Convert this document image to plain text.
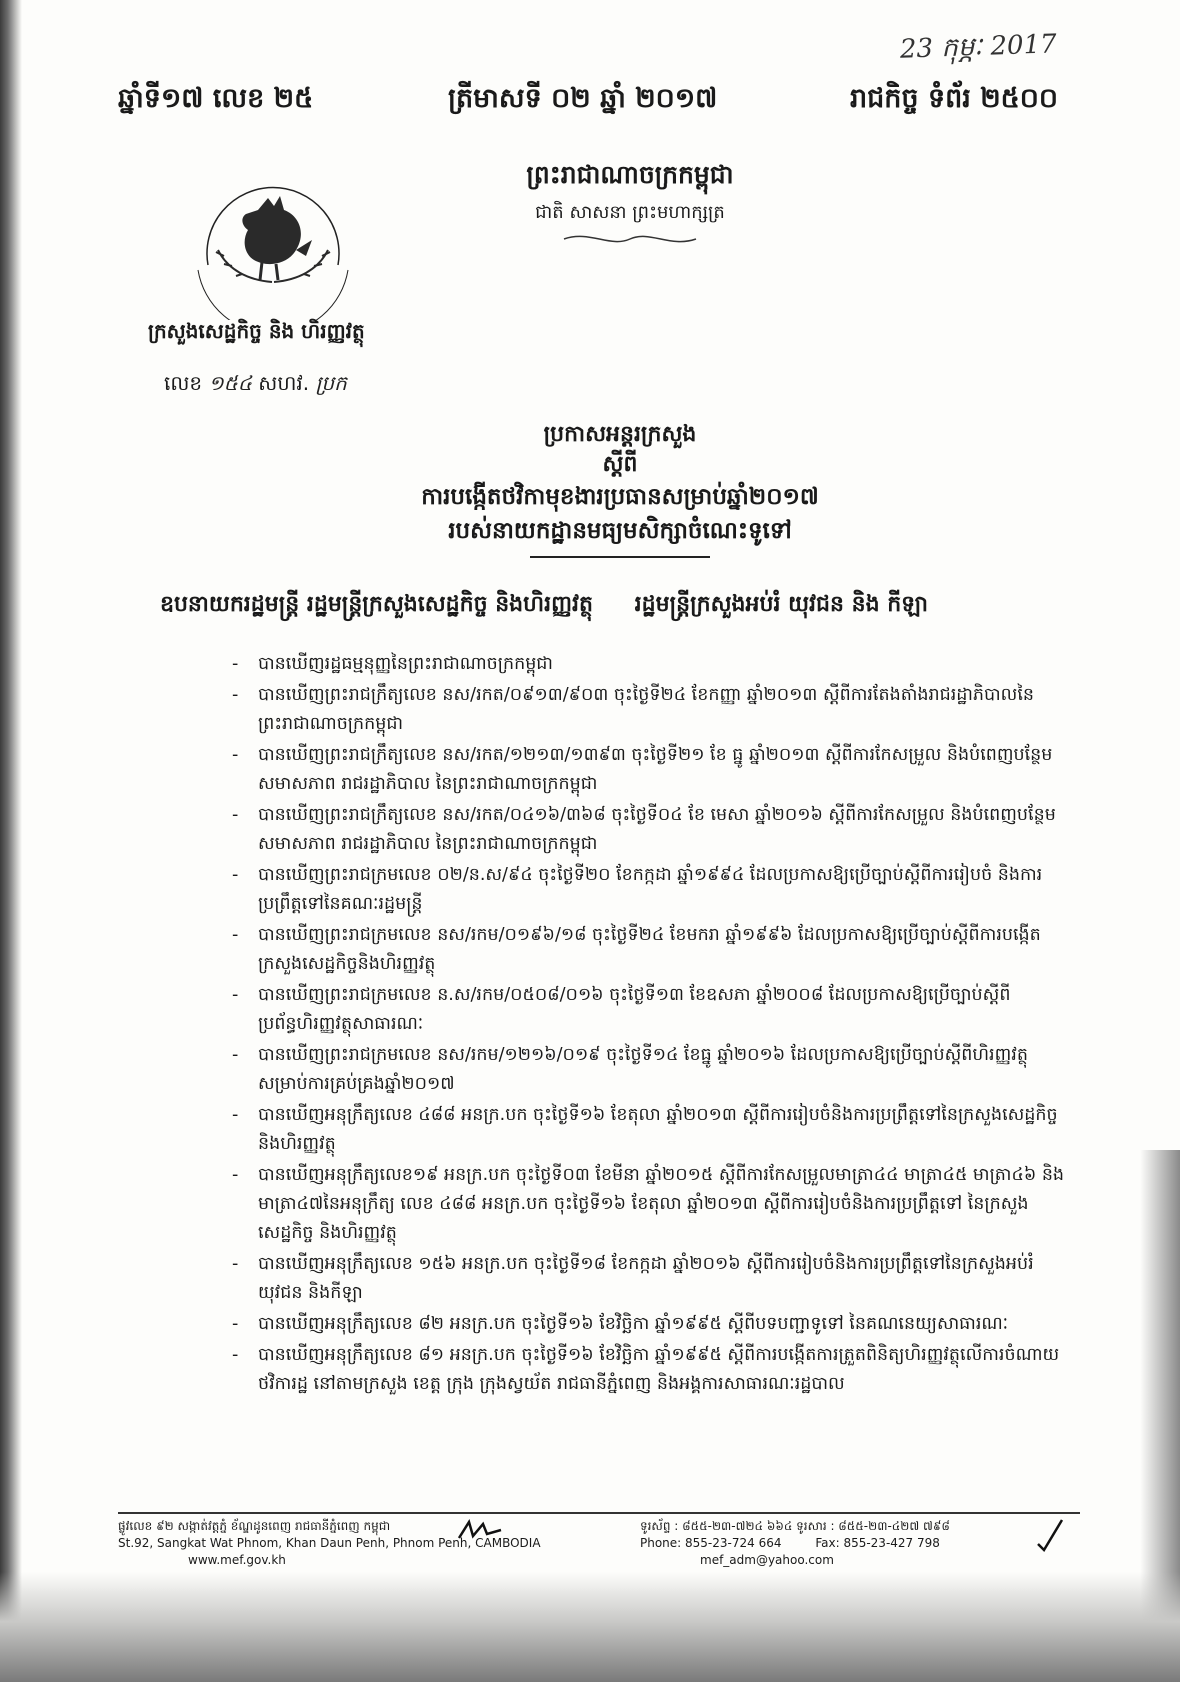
23 កុម្ភៈ 2017
ឆ្នាំទី១៧ លេខ ២៥	ត្រីមាសទី ០២ ឆ្នាំ ២០១៧	រាជកិច្ច ទំព័រ ២៥០០
ក្រសួងសេដ្ឋកិច្ច និង ហិរញ្ញវត្ថុ
លេខ ១៥៤ សហវ. ប្រក
ព្រះរាជាណាចក្រកម្ពុជា
ជាតិ សាសនា ព្រះមហាក្សត្រ
ប្រកាសអន្តរក្រសួង
ស្តីពី
ការបង្កើតថវិកាមុខងារប្រធានសម្រាប់ឆ្នាំ២០១៧
របស់នាយកដ្ឋានមធ្យមសិក្សាចំណេះទូទៅ
ឧបនាយករដ្ឋមន្ត្រី រដ្ឋមន្ត្រីក្រសួងសេដ្ឋកិច្ច និងហិរញ្ញវត្ថុ រដ្ឋមន្ត្រីក្រសួងអប់រំ យុវជន និង កីឡា
- បានឃើញរដ្ឋធម្មនុញ្ញនៃព្រះរាជាណាចក្រកម្ពុជា
- បានឃើញព្រះរាជក្រឹត្យលេខ នស/រកត/០៩១៣/៩០៣ ចុះថ្ងៃទី២៤ ខែកញ្ញា ឆ្នាំ២០១៣ ស្តីពីការតែងតាំងរាជរដ្ឋាភិបាលនៃព្រះរាជាណាចក្រកម្ពុជា
- បានឃើញព្រះរាជក្រឹត្យលេខ នស/រកត/១២១៣/១៣៩៣ ចុះថ្ងៃទី២១ ខែ ធ្នូ ឆ្នាំ២០១៣ ស្តីពីការកែសម្រួល និងបំពេញបន្ថែម សមាសភាព រាជរដ្ឋាភិបាល នៃព្រះរាជាណាចក្រកម្ពុជា
- បានឃើញព្រះរាជក្រឹត្យលេខ នស/រកត/០៤១៦/៣៦៨ ចុះថ្ងៃទី០៤ ខែ មេសា ឆ្នាំ២០១៦ ស្តីពីការកែសម្រួល និងបំពេញបន្ថែម សមាសភាព រាជរដ្ឋាភិបាល នៃព្រះរាជាណាចក្រកម្ពុជា
- បានឃើញព្រះរាជក្រមលេខ ០២/ន.ស/៩៤ ចុះថ្ងៃទី២០ ខែកក្កដា ឆ្នាំ១៩៩៤ ដែលប្រកាសឱ្យប្រើច្បាប់ស្តីពីការរៀបចំ និងការប្រព្រឹត្តទៅនៃគណៈរដ្ឋមន្ត្រី
- បានឃើញព្រះរាជក្រមលេខ នស/រកម/០១៩៦/១៨ ចុះថ្ងៃទី២៤ ខែមករា ឆ្នាំ១៩៩៦ ដែលប្រកាសឱ្យប្រើច្បាប់ស្តីពីការបង្កើតក្រសួងសេដ្ឋកិច្ចនិងហិរញ្ញវត្ថុ
- បានឃើញព្រះរាជក្រមលេខ ន.ស/រកម/០៥០៨/០១៦ ចុះថ្ងៃទី១៣ ខែឧសភា ឆ្នាំ២០០៨ ដែលប្រកាសឱ្យប្រើច្បាប់ស្តីពីប្រព័ន្ធហិរញ្ញវត្ថុសាធារណៈ
- បានឃើញព្រះរាជក្រមលេខ នស/រកម/១២១៦/០១៩ ចុះថ្ងៃទី១៤ ខែធ្នូ ឆ្នាំ២០១៦ ដែលប្រកាសឱ្យប្រើច្បាប់ស្តីពីហិរញ្ញវត្ថុសម្រាប់ការគ្រប់គ្រងឆ្នាំ២០១៧
- បានឃើញអនុក្រឹត្យលេខ ៤៨៨ អនក្រ.បក ចុះថ្ងៃទី១៦ ខែតុលា ឆ្នាំ២០១៣ ស្តីពីការរៀបចំនិងការប្រព្រឹត្តទៅនៃក្រសួងសេដ្ឋកិច្ចនិងហិរញ្ញវត្ថុ
- បានឃើញអនុក្រឹត្យលេខ១៩ អនក្រ.បក ចុះថ្ងៃទី០៣ ខែមីនា ឆ្នាំ២០១៥ ស្តីពីការកែសម្រួលមាត្រា៤៤ មាត្រា៤៥ មាត្រា៤៦ និងមាត្រា៤៧នៃអនុក្រឹត្យ លេខ ៤៨៨ អនក្រ.បក ចុះថ្ងៃទី១៦ ខែតុលា ឆ្នាំ២០១៣ ស្តីពីការរៀបចំនិងការប្រព្រឹត្តទៅ នៃក្រសួងសេដ្ឋកិច្ច និងហិរញ្ញវត្ថុ
- បានឃើញអនុក្រឹត្យលេខ ១៥៦ អនក្រ.បក ចុះថ្ងៃទី១៨ ខែកក្កដា ឆ្នាំ២០១៦ ស្តីពីការរៀបចំនិងការប្រព្រឹត្តទៅនៃក្រសួងអប់រំ យុវជន និងកីឡា
- បានឃើញអនុក្រឹត្យលេខ ៨២ អនក្រ.បក ចុះថ្ងៃទី១៦ ខែវិច្ឆិកា ឆ្នាំ១៩៩៥ ស្តីពីបទបញ្ជាទូទៅ នៃគណនេយ្យសាធារណៈ
- បានឃើញអនុក្រឹត្យលេខ ៨១ អនក្រ.បក ចុះថ្ងៃទី១៦ ខែវិច្ឆិកា ឆ្នាំ១៩៩៥ ស្តីពីការបង្កើតការត្រួតពិនិត្យហិរញ្ញវត្ថុលើការចំណាយថវិការដ្ឋ នៅតាមក្រសួង ខេត្ត ក្រុង ក្រុងស្វយ័ត រាជធានីភ្នំពេញ និងអង្គការសាធារណៈរដ្ឋបាល
ផ្លូវលេខ ៩២ សង្កាត់វត្តភ្នំ ខ័ណ្ឌដូនពេញ រាជធានីភ្នំពេញ កម្ពុជា
St.92, Sangkat Wat Phnom, Khan Daun Penh, Phnom Penh, CAMBODIA
www.mef.gov.kh
ទូរស័ព្ទ : ៨៥៥-២៣-៧២៤ ៦៦៤ ទូរសារ : ៨៥៥-២៣-៤២៧ ៧៩៨
Phone: 855-23-724 664	Fax: 855-23-427 798
mef_adm@yahoo.com
